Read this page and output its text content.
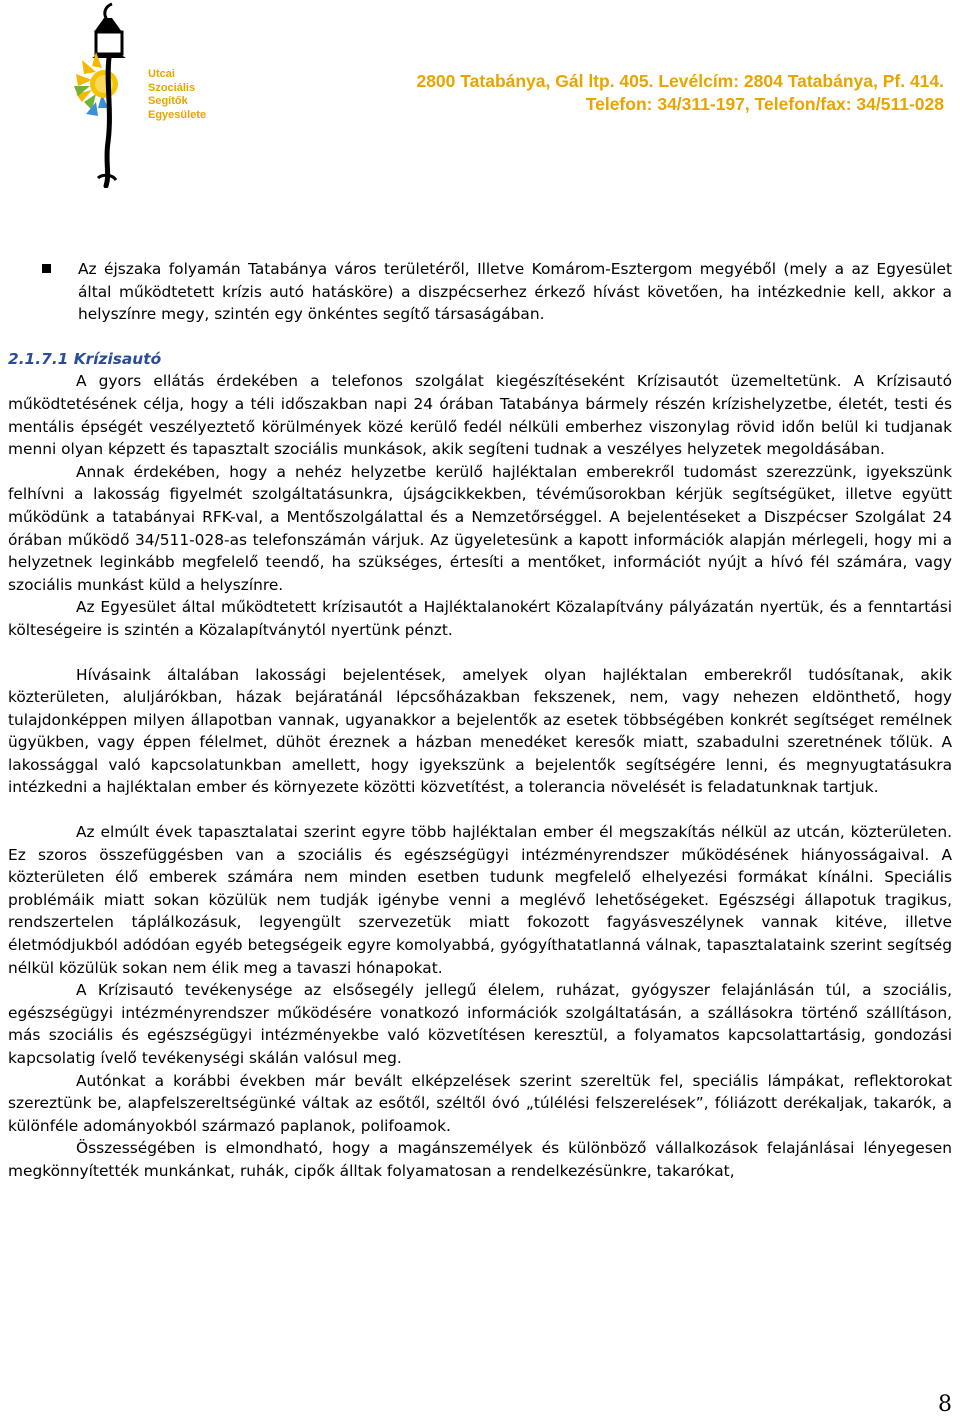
Utcai
Szociális
Segítők
Egyesülete
2800 Tatabánya, Gál ltp. 405. Levélcím: 2804 Tatabánya, Pf. 414.
Telefon: 34/311-197, Telefon/fax: 34/511-028

Az éjszaka folyamán Tatabánya város területéről, Illetve Komárom-Esztergom megyéből (mely a az Egyesület által működtetett krízis autó hatásköre) a diszpécserhez érkező hívást követően, ha intézkednie kell, akkor a helyszínre megy, szintén egy önkéntes segítő társaságában.

2.1.7.1 Krízisautó

A gyors ellátás érdekében a telefonos szolgálat kiegészítéseként Krízisautót üzemeltetünk. A Krízisautó működtetésének célja, hogy a téli időszakban napi 24 órában Tatabánya bármely részén krízishelyzetbe, életét, testi és mentális épségét veszélyeztető körülmények közé kerülő fedél nélküli emberhez viszonylag rövid időn belül ki tudjanak menni olyan képzett és tapasztalt szociális munkások, akik segíteni tudnak a veszélyes helyzetek megoldásában.

Annak érdekében, hogy a nehéz helyzetbe kerülő hajléktalan emberekről tudomást szerezzünk, igyekszünk felhívni a lakosság figyelmét szolgáltatásunkra, újságcikkekben, tévéműsorokban kérjük segítségüket, illetve együtt működünk a tatabányai RFK-val, a Mentőszolgálattal és a Nemzetőrséggel. A bejelentéseket a Diszpécser Szolgálat 24 órában működő 34/511-028-as telefonszámán várjuk. Az ügyeletesünk a kapott információk alapján mérlegeli, hogy mi a helyzetnek leginkább megfelelő teendő, ha szükséges, értesíti a mentőket, információt nyújt a hívó fél számára, vagy szociális munkást küld a helyszínre.

Az Egyesület által működtetett krízisautót a Hajléktalanokért Közalapítvány pályázatán nyertük, és a fenntartási költeségeire is szintén a Közalapítványtól nyertünk pénzt.

Hívásaink általában lakossági bejelentések, amelyek olyan hajléktalan emberekről tudósítanak, akik közterületen, aluljárókban, házak bejáratánál lépcsőházakban fekszenek, nem, vagy nehezen eldönthető, hogy tulajdonképpen milyen állapotban vannak, ugyanakkor a bejelentők az esetek többségében konkrét segítséget remélnek ügyükben, vagy éppen félelmet, dühöt éreznek a házban menedéket keresők miatt, szabadulni szeretnének tőlük. A lakossággal való kapcsolatunkban amellett, hogy igyekszünk a bejelentők segítségére lenni, és megnyugtatásukra intézkedni a hajléktalan ember és környezete közötti közvetítést, a tolerancia növelését is feladatunknak tartjuk.

Az elmúlt évek tapasztalatai szerint egyre több hajléktalan ember él megszakítás nélkül az utcán, közterületen. Ez szoros összefüggésben van a szociális és egészségügyi intézményrendszer működésének hiányosságaival. A közterületen élő emberek számára nem minden esetben tudunk megfelelő elhelyezési formákat kínálni. Speciális problémáik miatt sokan közülük nem tudják igénybe venni a meglévő lehetőségeket. Egészségi állapotuk tragikus, rendszertelen táplálkozásuk, legyengült szervezetük miatt fokozott fagyásveszélynek vannak kitéve, illetve életmódjukból adódóan egyéb betegségeik egyre komolyabbá, gyógyíthatatlanná válnak, tapasztalataink szerint segítség nélkül közülük sokan nem élik meg a tavaszi hónapokat.

A Krízisautó tevékenysége az elsősegély jellegű élelem, ruházat, gyógyszer felajánlásán túl, a szociális, egészségügyi intézményrendszer működésére vonatkozó információk szolgáltatásán, a szállásokra történő szállításon, más szociális és egészségügyi intézményekbe való közvetítésen keresztül, a folyamatos kapcsolattartásig, gondozási kapcsolatig ívelő tevékenységi skálán valósul meg.

Autónkat a korábbi években már bevált elképzelések szerint szereltük fel, speciális lámpákat, reflektorokat szereztünk be, alapfelszereltségünké váltak az esőtől, széltől óvó „túlélési felszerelések”, fóliázott derékaljak, takarók, a különféle adományokból származó paplanok, polifoamok.

Összességében is elmondható, hogy a magánszemélyek és különböző vállalkozások felajánlásai lényegesen megkönnyítették munkánkat, ruhák, cipők álltak folyamatosan a rendelkezésünkre, takarókat,

8
